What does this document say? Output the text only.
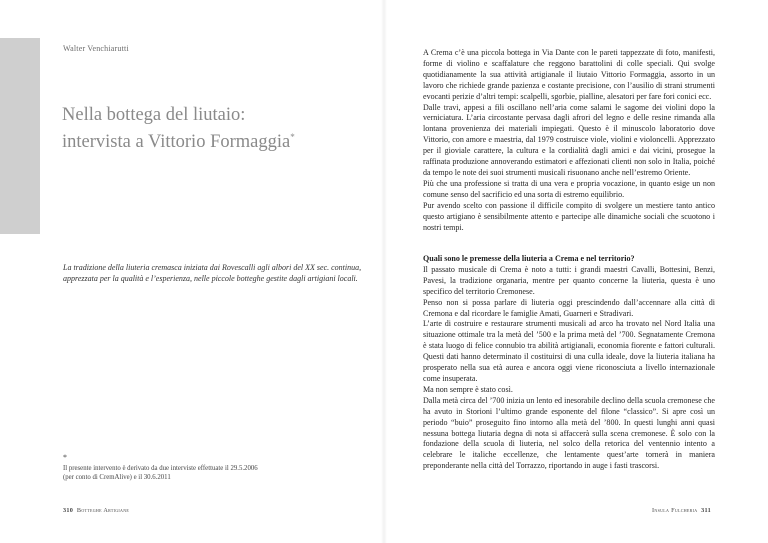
Walter Venchiarutti
Nella bottega del liutaio:
intervista a Vittorio Formaggia*
La tradizione della liuteria cremasca iniziata dai Rovescalli agli albori del XX sec. continua, apprezzata per la qualità e l’esperienza, nelle piccole botteghe gestite dagli artigiani locali.
*
Il presente intervento è derivato da due interviste effettuate il 29.5.2006
(per conto di CremAlive) e il 30.6.2011
310 Botteghe Artigiane

A Crema c’è una piccola bottega in Via Dante con le pareti tappezzate di foto, manifesti, forme di violino e scaffalature che reggono barattolini di colle speciali. Qui svolge quotidianamente la sua attività artigianale il liutaio Vittorio Formaggia, assorto in un lavoro che richiede grande pazienza e costante precisione, con l’ausilio di strani strumenti evocanti perizie d’altri tempi: scalpelli, sgorbie, pialline, alesatori per fare fori conici ecc.

Dalle travi, appesi a fili oscillano nell’aria come salami le sagome dei violini dopo la verniciatura. L’aria circostante pervasa dagli afrori del legno e delle resine rimanda alla lontana provenienza dei materiali impiegati. Questo è il minuscolo laboratorio dove Vittorio, con amore e maestria, dal 1979 costruisce viole, violini e violoncelli. Apprezzato per il gioviale carattere, la cultura e la cordialità dagli amici e dai vicini, prosegue la raffinata produzione annoverando estimatori e affezionati clienti non solo in Italia, poiché da tempo le note dei suoi strumenti musicali risuonano anche nell’estremo Oriente.

Più che una professione si tratta di una vera e propria vocazione, in quanto esige un non comune senso del sacrificio ed una sorta di estremo equilibrio.

Pur avendo scelto con passione il difficile compito di svolgere un mestiere tanto antico questo artigiano è sensibilmente attento e partecipe alle dinamiche sociali che scuotono i nostri tempi.

Quali sono le premesse della liuteria a Crema e nel territorio?

Il passato musicale di Crema è noto a tutti: i grandi maestri Cavalli, Bottesini, Benzi, Pavesi, la tradizione organaria, mentre per quanto concerne la liuteria, questa è uno specifico del territorio Cremonese.

Penso non si possa parlare di liuteria oggi prescindendo dall’accennare alla città di Cremona e dal ricordare le famiglie Amati, Guarneri e Stradivari.

L’arte di costruire e restaurare strumenti musicali ad arco ha trovato nel Nord Italia una situazione ottimale tra la metà del ’500 e la prima metà del ’700. Segnatamente Cremona è stata luogo di felice connubio tra abilità artigianali, economia fiorente e fattori culturali. Questi dati hanno determinato il costituirsi di una culla ideale, dove la liuteria italiana ha prosperato nella sua età aurea e ancora oggi viene riconosciuta a livello internazionale come insuperata.

Ma non sempre è stato così.

Dalla metà circa del ’700 inizia un lento ed inesorabile declino della scuola cremonese che ha avuto in Storioni l’ultimo grande esponente del filone “classico”. Si apre così un periodo “buio” proseguito fino intorno alla metà del ’800. In questi lunghi anni quasi nessuna bottega liutaria degna di nota si affaccerà sulla scena cremonese. È solo con la fondazione della scuola di liuteria, nel solco della retorica del ventennio intento a celebrare le italiche eccellenze, che lentamente quest’arte tornerà in maniera preponderante nella città del Torrazzo, riportando in auge i fasti trascorsi.

Insula Fulcheria 311
